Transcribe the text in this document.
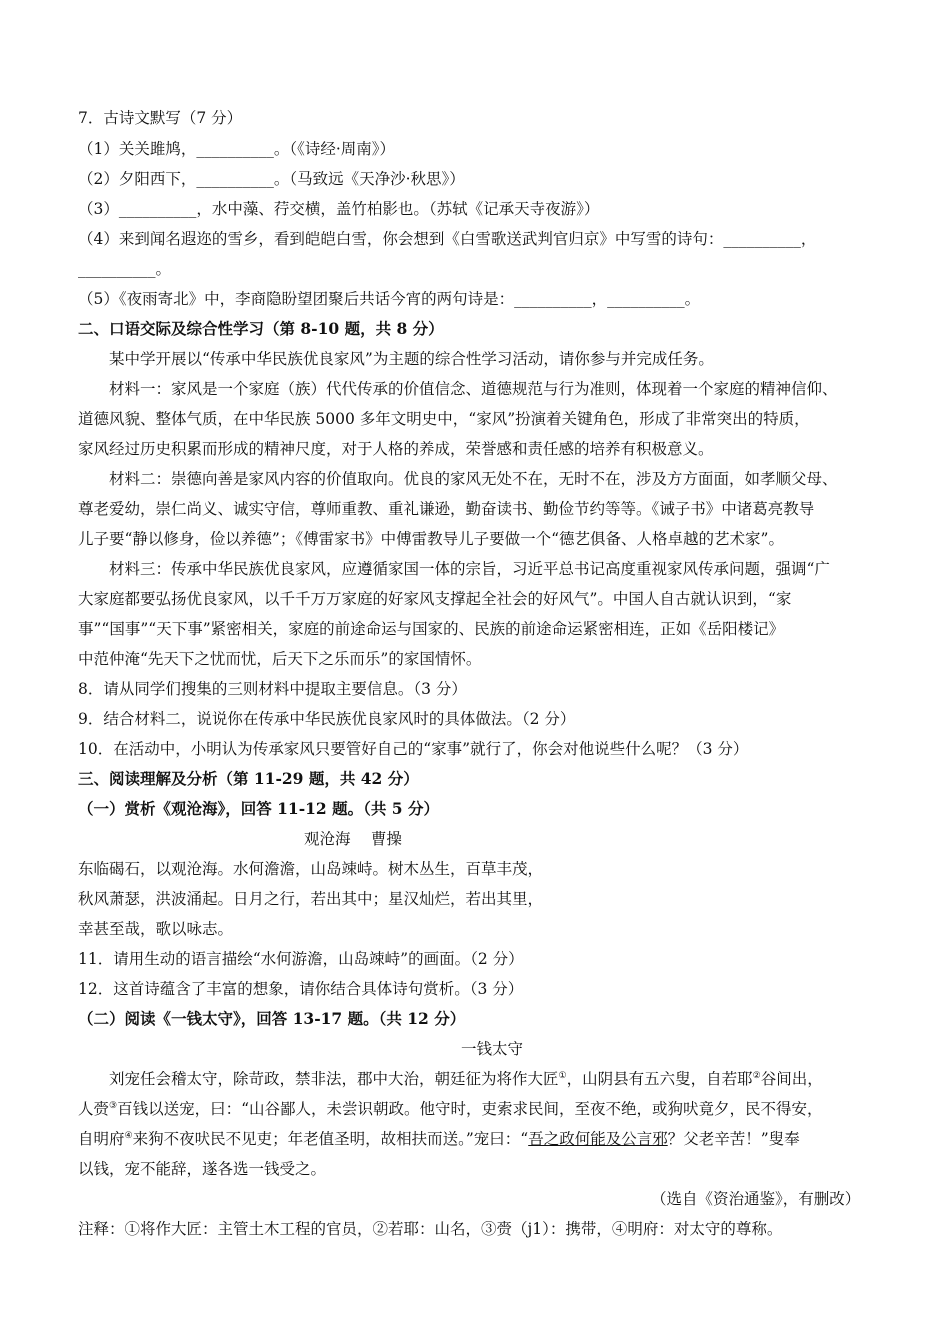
7．古诗文默写（7 分）

（1）关关雎鸠，__________。（《诗经·周南》）

（2）夕阳西下，__________。（马致远《天净沙·秋思》）

（3）__________，水中藻、荇交横，盖竹柏影也。（苏轼《记承天寺夜游》）

（4）来到闻名遐迩的雪乡，看到皑皑白雪，你会想到《白雪歌送武判官归京》中写雪的诗句：__________，

__________。

（5）《夜雨寄北》中，李商隐盼望团聚后共话今宵的两句诗是：__________，__________。

二、口语交际及综合性学习（第 8-10 题，共 8 分）

某中学开展以“传承中华民族优良家风”为主题的综合性学习活动，请你参与并完成任务。

材料一：家风是一个家庭（族）代代传承的价值信念、道德规范与行为准则，体现着一个家庭的精神信仰、

道德风貌、整体气质，在中华民族 5000 多年文明史中，“家风”扮演着关键角色，形成了非常突出的特质，

家风经过历史积累而形成的精神尺度，对于人格的养成，荣誉感和责任感的培养有积极意义。

材料二：崇德向善是家风内容的价值取向。优良的家风无处不在，无时不在，涉及方方面面，如孝顺父母、

尊老爱幼，崇仁尚义、诚实守信，尊师重教、重礼谦逊，勤奋读书、勤俭节约等等。《诫子书》中诸葛亮教导

儿子要“静以修身，俭以养德”；《傅雷家书》中傅雷教导儿子要做一个“德艺俱备、人格卓越的艺术家”。

材料三：传承中华民族优良家风，应遵循家国一体的宗旨，习近平总书记高度重视家风传承问题，强调“广

大家庭都要弘扬优良家风，以千千万万家庭的好家风支撑起全社会的好风气”。中国人自古就认识到，“家

事”“国事”“天下事”紧密相关，家庭的前途命运与国家的、民族的前途命运紧密相连，正如《岳阳楼记》

中范仲淹“先天下之忧而忧，后天下之乐而乐”的家国情怀。

8．请从同学们搜集的三则材料中提取主要信息。（3 分）

9．结合材料二，说说你在传承中华民族优良家风时的具体做法。（2 分）

10．在活动中，小明认为传承家风只要管好自己的“家事”就行了，你会对他说些什么呢？（3 分）

三、阅读理解及分析（第 11-29 题，共 42 分）

（一）赏析《观沧海》，回答 11-12 题。（共 5 分）

观沧海　 曹操

东临碣石，以观沧海。水何澹澹，山岛竦峙。树木丛生，百草丰茂，

秋风萧瑟，洪波涌起。日月之行，若出其中；星汉灿烂，若出其里，

幸甚至哉，歌以咏志。

11．请用生动的语言描绘“水何游澹，山岛竦峙”的画面。（2 分）

12．这首诗蕴含了丰富的想象，请你结合具体诗句赏析。（3 分）

（二）阅读《一钱太守》，回答 13-17 题。（共 12 分）

一钱太守

刘宠任会稽太守，除苛政，禁非法，郡中大治，朝廷征为将作大匠①，山阴县有五六叟，自若耶②谷间出，

人赍③百钱以送宠，曰：“山谷鄙人，未尝识朝政。他守时，吏索求民间，至夜不绝，或狗吠竟夕，民不得安，

自明府④来狗不夜吠民不见吏；年老值圣明，故相扶而送。”宠曰：“吾之政何能及公言邪？父老辛苦！”叟奉

以钱，宠不能辞，遂各选一钱受之。

（选自《资治通鉴》，有删改）

注释：①将作大匠：主管土木工程的官员，②若耶：山名，③赍（j1）：携带，④明府：对太守的尊称。
